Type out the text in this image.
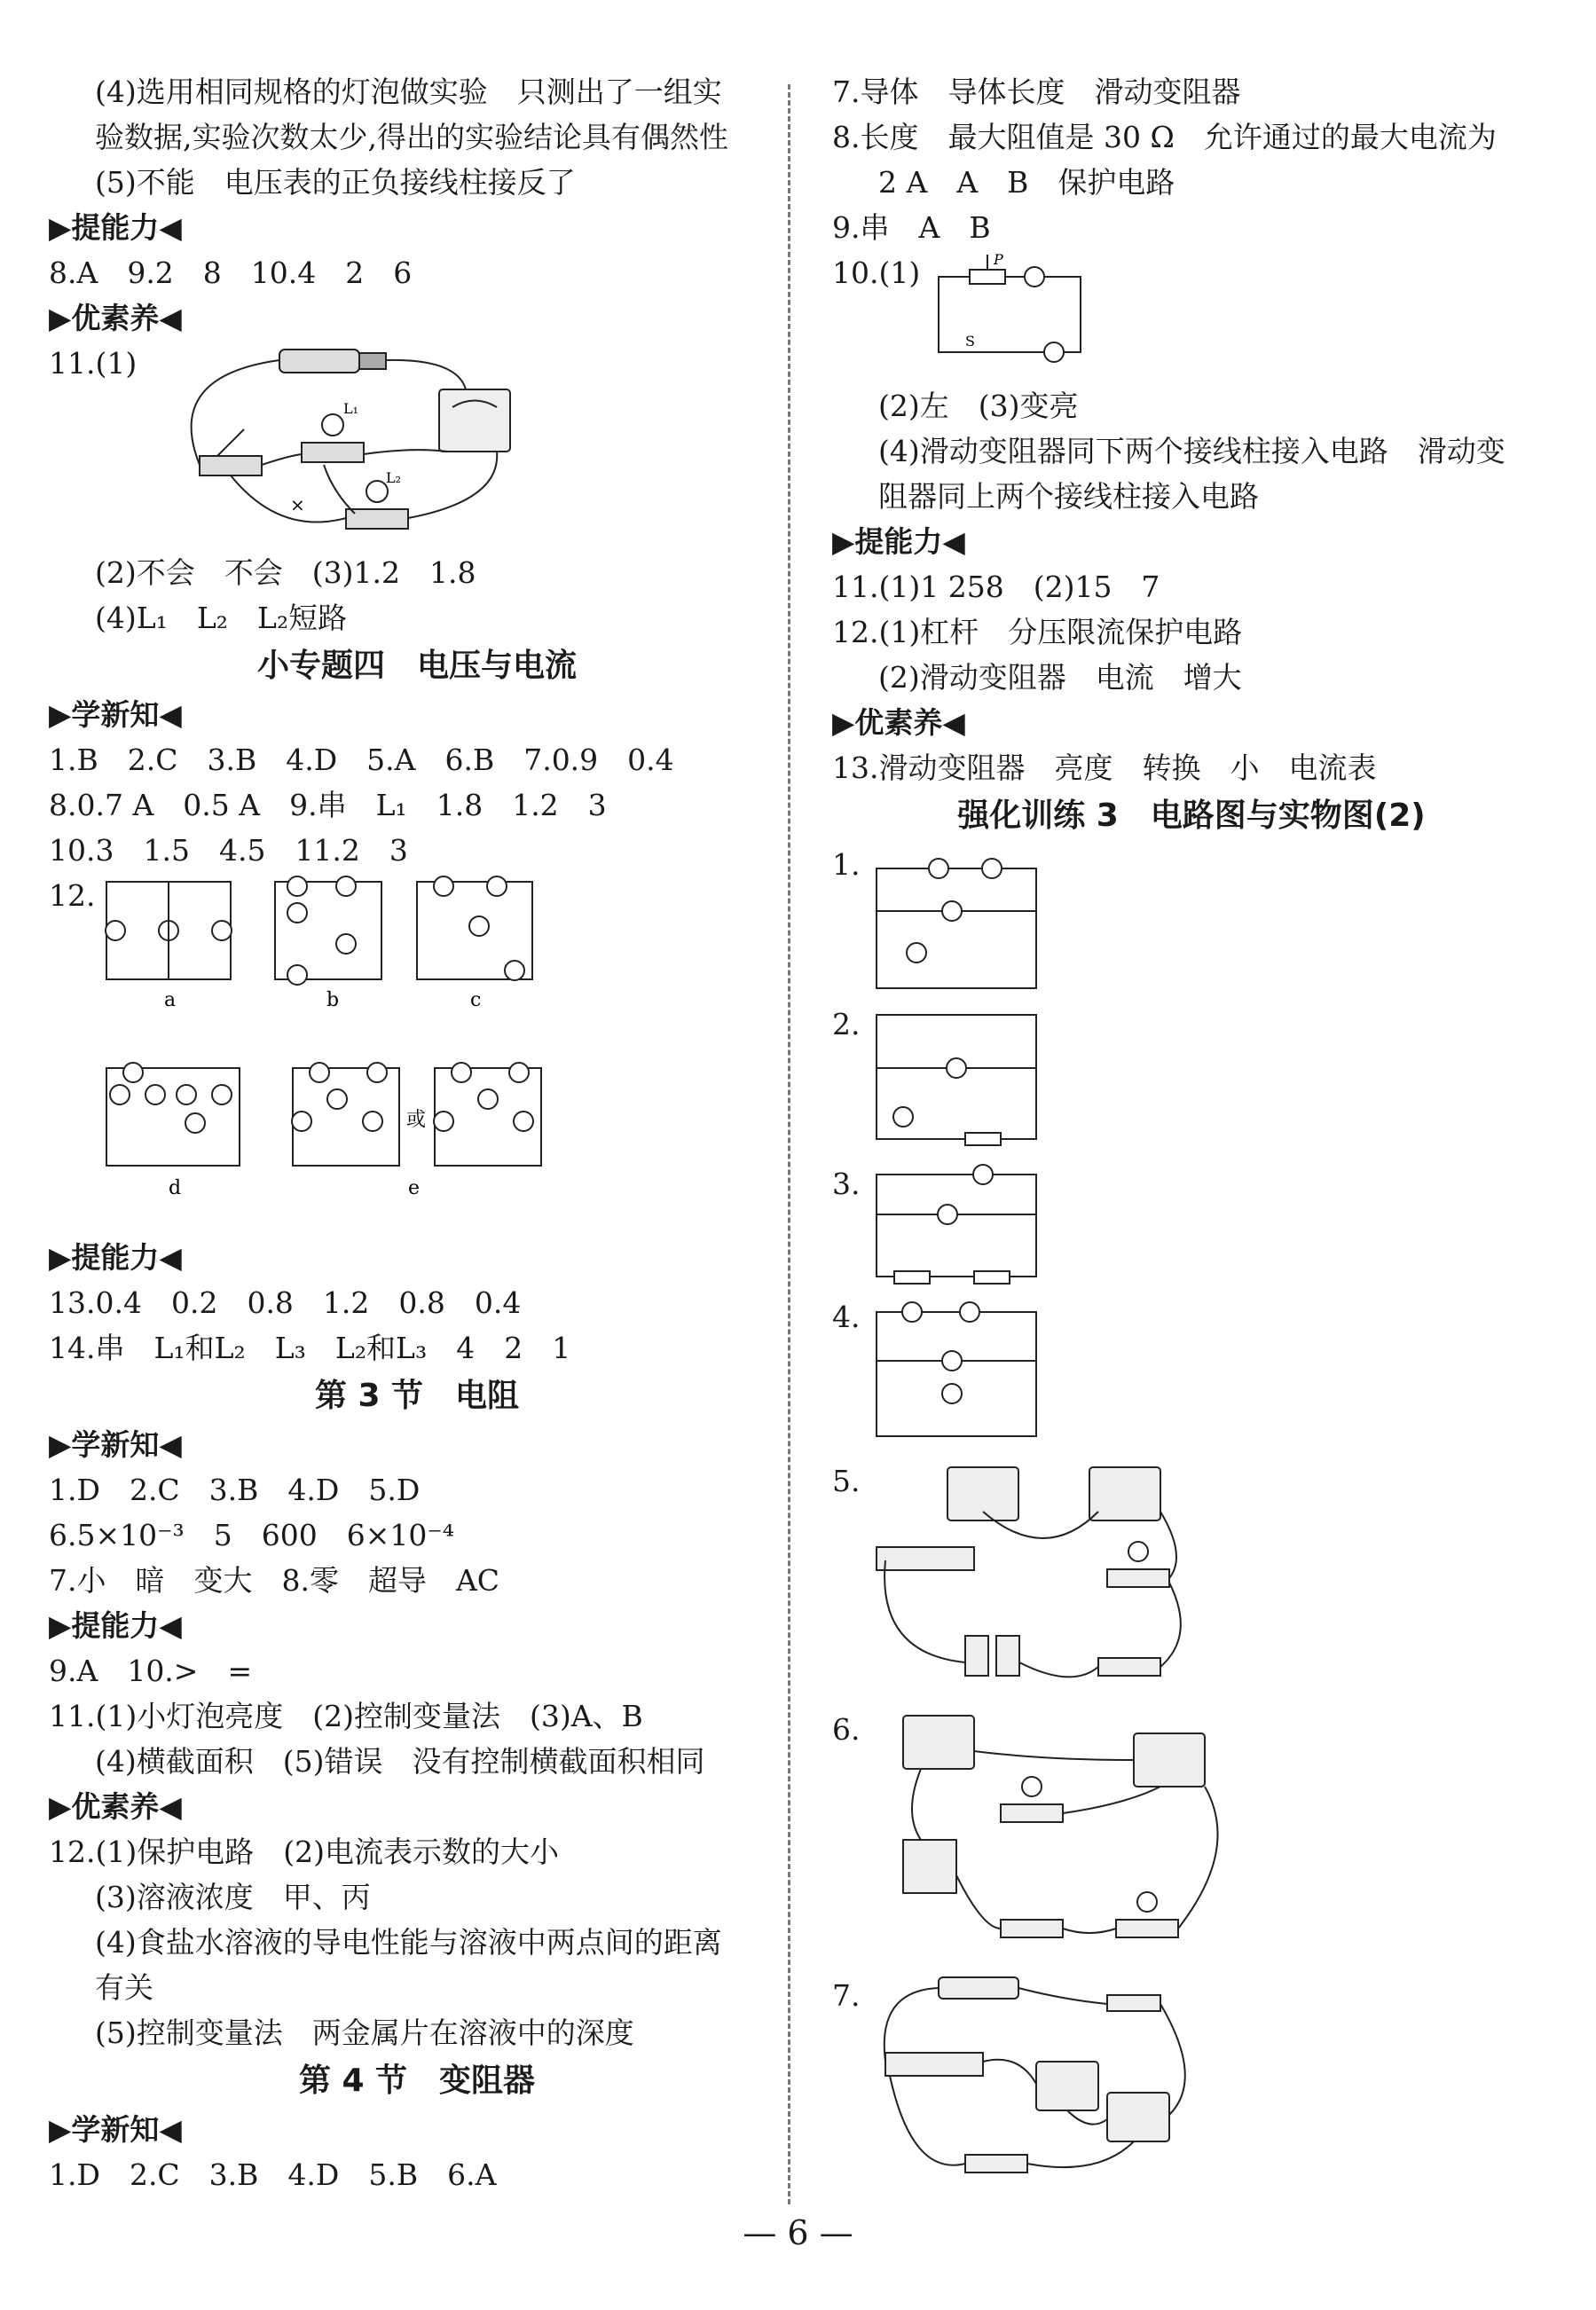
(4)选用相同规格的灯泡做实验　只测出了一组实
验数据,实验次数太少,得出的实验结论具有偶然性
(5)不能　电压表的正负接线柱接反了
▶提能力◀
8.A　9.2　8　10.4　2　6
▶优素养◀
11.(1)
L₁
L₂
×
(2)不会　不会　(3)1.2　1.8
(4)L₁　L₂　L₂短路
小专题四　电压与电流
▶学新知◀
1.B　2.C　3.B　4.D　5.A　6.B　7.0.9　0.4
8.0.7 A　0.5 A　9.串　L₁　1.8　1.2　3
10.3　1.5　4.5　11.2　3
12.
a	b	c
d	e
或
▶提能力◀
13.0.4　0.2　0.8　1.2　0.8　0.4
14.串　L₁和L₂　L₃　L₂和L₃　4　2　1
第 3 节　电阻
▶学新知◀
1.D　2.C　3.B　4.D　5.D
6.5×10⁻³　5　600　6×10⁻⁴
7.小　暗　变大　8.零　超导　AC
▶提能力◀
9.A　10.>　=
11.(1)小灯泡亮度　(2)控制变量法　(3)A、B
(4)横截面积　(5)错误　没有控制横截面积相同
▶优素养◀
12.(1)保护电路　(2)电流表示数的大小
(3)溶液浓度　甲、丙
(4)食盐水溶液的导电性能与溶液中两点间的距离
有关
(5)控制变量法　两金属片在溶液中的深度
第 4 节　变阻器
▶学新知◀
1.D　2.C　3.B　4.D　5.B　6.A
7.导体　导体长度　滑动变阻器
8.长度　最大阻值是 30 Ω　允许通过的最大电流为
2 A　A　B　保护电路
9.串　A　B
10.(1)	P
S
(2)左　(3)变亮
(4)滑动变阻器同下两个接线柱接入电路　滑动变
阻器同上两个接线柱接入电路
▶提能力◀
11.(1)1 258　(2)15　7
12.(1)杠杆　分压限流保护电路
(2)滑动变阻器　电流　增大
▶优素养◀
13.滑动变阻器　亮度　转换　小　电流表
强化训练 3　电路图与实物图(2)
1.
2.
3.
4.
5.
6.
7.
— 6 —
